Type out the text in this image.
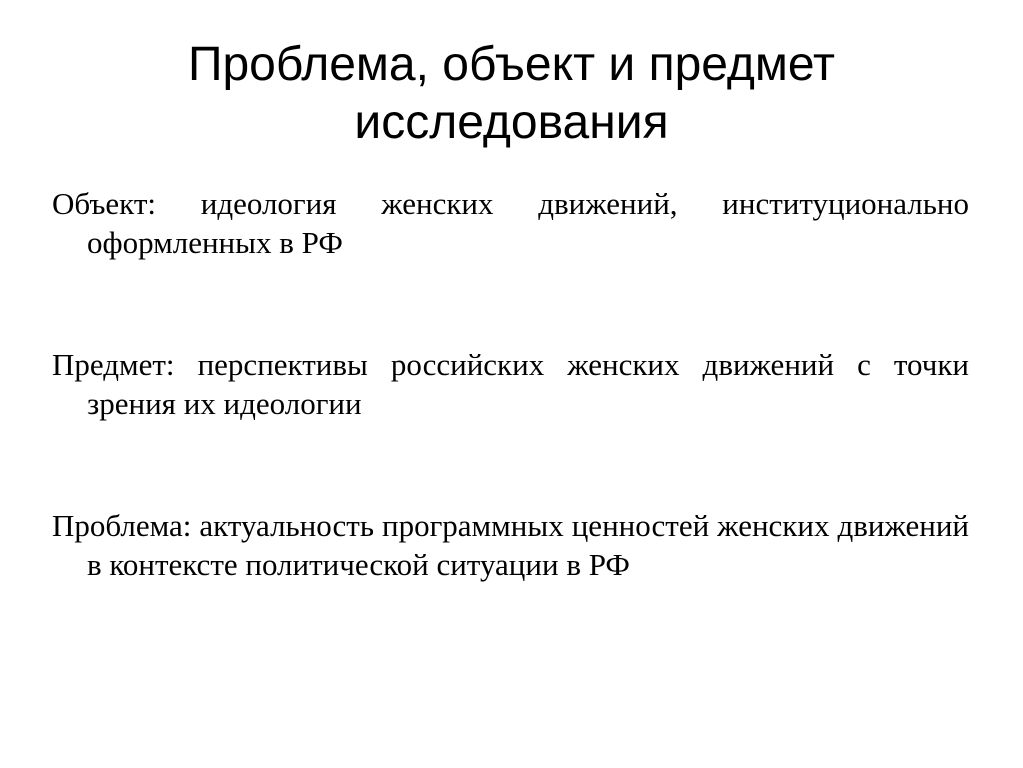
Проблема, объект и предмет
исследования

Объект: идеология женских движений, институционально оформленных в РФ

Предмет: перспективы российских женских движений с точки зрения их идеологии

Проблема: актуальность программных ценностей женских движений в контексте политической ситуации в РФ
